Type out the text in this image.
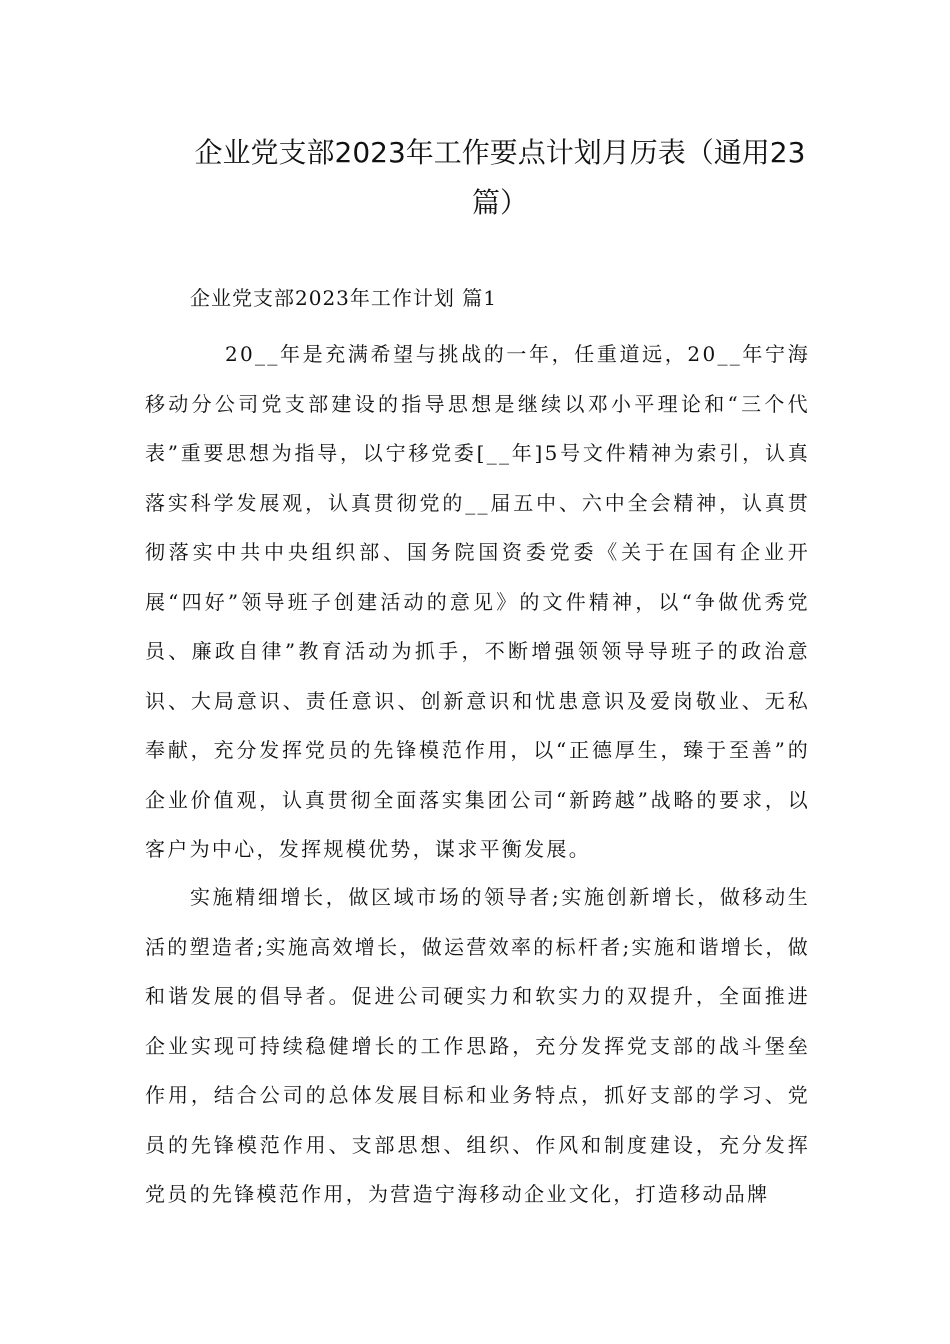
企业党支部2023年工作要点计划月历表（通用23篇）
企业党支部2023年工作计划 篇1

20__年是充满希望与挑战的一年，任重道远，20__年宁海移动分公司党支部建设的指导思想是继续以邓小平理论和“三个代表”重要思想为指导，以宁移党委[__年]5号文件精神为索引，认真落实科学发展观，认真贯彻党的__届五中、六中全会精神，认真贯彻落实中共中央组织部、国务院国资委党委《关于在国有企业开展“四好”领导班子创建活动的意见》的文件精神，以“争做优秀党员、廉政自律”教育活动为抓手，不断增强领领导导班子的政治意识、大局意识、责任意识、创新意识和忧患意识及爱岗敬业、无私奉献，充分发挥党员的先锋模范作用，以“正德厚生，臻于至善”的企业价值观，认真贯彻全面落实集团公司“新跨越”战略的要求，以客户为中心，发挥规模优势，谋求平衡发展。

实施精细增长，做区域市场的领导者;实施创新增长，做移动生活的塑造者;实施高效增长，做运营效率的标杆者;实施和谐增长，做和谐发展的倡导者。促进公司硬实力和软实力的双提升，全面推进企业实现可持续稳健增长的工作思路，充分发挥党支部的战斗堡垒作用，结合公司的总体发展目标和业务特点，抓好支部的学习、党员的先锋模范作用、支部思想、组织、作风和制度建设，充分发挥党员的先锋模范作用，为营造宁海移动企业文化，打造移动品牌
